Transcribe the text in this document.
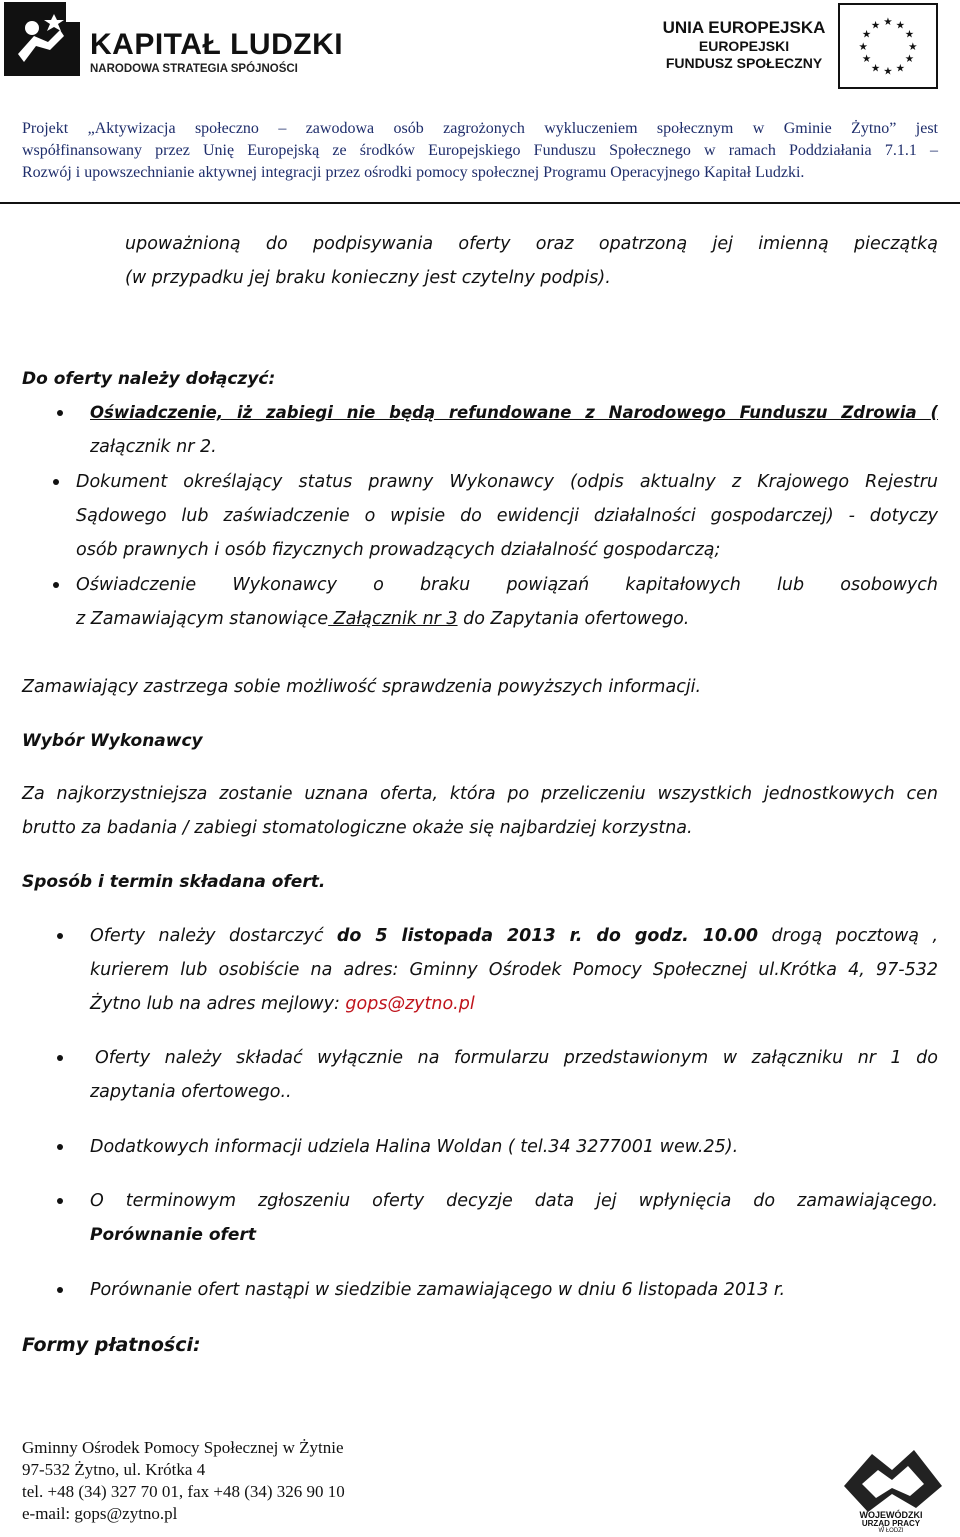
KAPITAŁ LUDZKI
NARODOWA STRATEGIA SPÓJNOŚCI
UNIA EUROPEJSKA
EUROPEJSKI
FUNDUSZ SPOŁECZNY
★
★
★
★
★
★
★
★
★ ★ ★
★

Projekt „Aktywizacja społeczno – zawodowa osób zagrożonych wykluczeniem społecznym w Gminie Żytno” jest

współfinansowany przez Unię Europejską ze środków Europejskiego Funduszu Społecznego w ramach Poddziałania 7.1.1 –

Rozwój i upowszechnianie aktywnej integracji przez ośrodki pomocy społecznej Programu Operacyjnego Kapitał Ludzki.

upoważnioną do podpisywania oferty oraz opatrzoną jej imienną pieczątką
(w przypadku jej braku konieczny jest czytelny podpis).
Do oferty należy dołączyć:
Oświadczenie, iż zabiegi nie będą refundowane z Narodowego Funduszu Zdrowia (
załącznik nr 2.
Dokument określający status prawny Wykonawcy (odpis aktualny z Krajowego Rejestru
Sądowego lub zaświadczenie o wpisie do ewidencji działalności gospodarczej) - dotyczy
osób prawnych i osób fizycznych prowadzących działalność gospodarczą;
Oświadczenie Wykonawcy o braku powiązań kapitałowych lub osobowych
z Zamawiającym stanowiące Załącznik nr 3 do Zapytania ofertowego.
Zamawiający zastrzega sobie możliwość sprawdzenia powyższych informacji.
Wybór Wykonawcy
Za najkorzystniejsza zostanie uznana oferta, która po przeliczeniu wszystkich jednostkowych cen
brutto za badania / zabiegi stomatologiczne okaże się najbardziej korzystna.
Sposób i termin składana ofert.
Oferty należy dostarczyć do 5 listopada 2013 r. do godz. 10.00 drogą pocztową ,
kurierem lub osobiście na adres: Gminny Ośrodek Pomocy Społecznej ul.Krótka 4, 97-532
Żytno lub na adres mejlowy: gops@zytno.pl
Oferty należy składać wyłącznie na formularzu przedstawionym w załączniku nr 1 do
zapytania ofertowego..
Dodatkowych informacji udziela Halina Woldan ( tel.34 3277001 wew.25).
O terminowym zgłoszeniu oferty decyzje data jej wpłynięcia do zamawiającego.
Porównanie ofert
Porównanie ofert nastąpi w siedzibie zamawiającego w dniu 6 listopada 2013 r.
Formy płatności:
Gminny Ośrodek Pomocy Społecznej w Żytnie
97-532 Żytno, ul. Krótka 4
tel. +48 (34) 327 70 01, fax +48 (34) 326 90 10
e-mail: gops@zytno.pl	WOJEWÓDZKI
URZĄD PRACY
W ŁODZI
